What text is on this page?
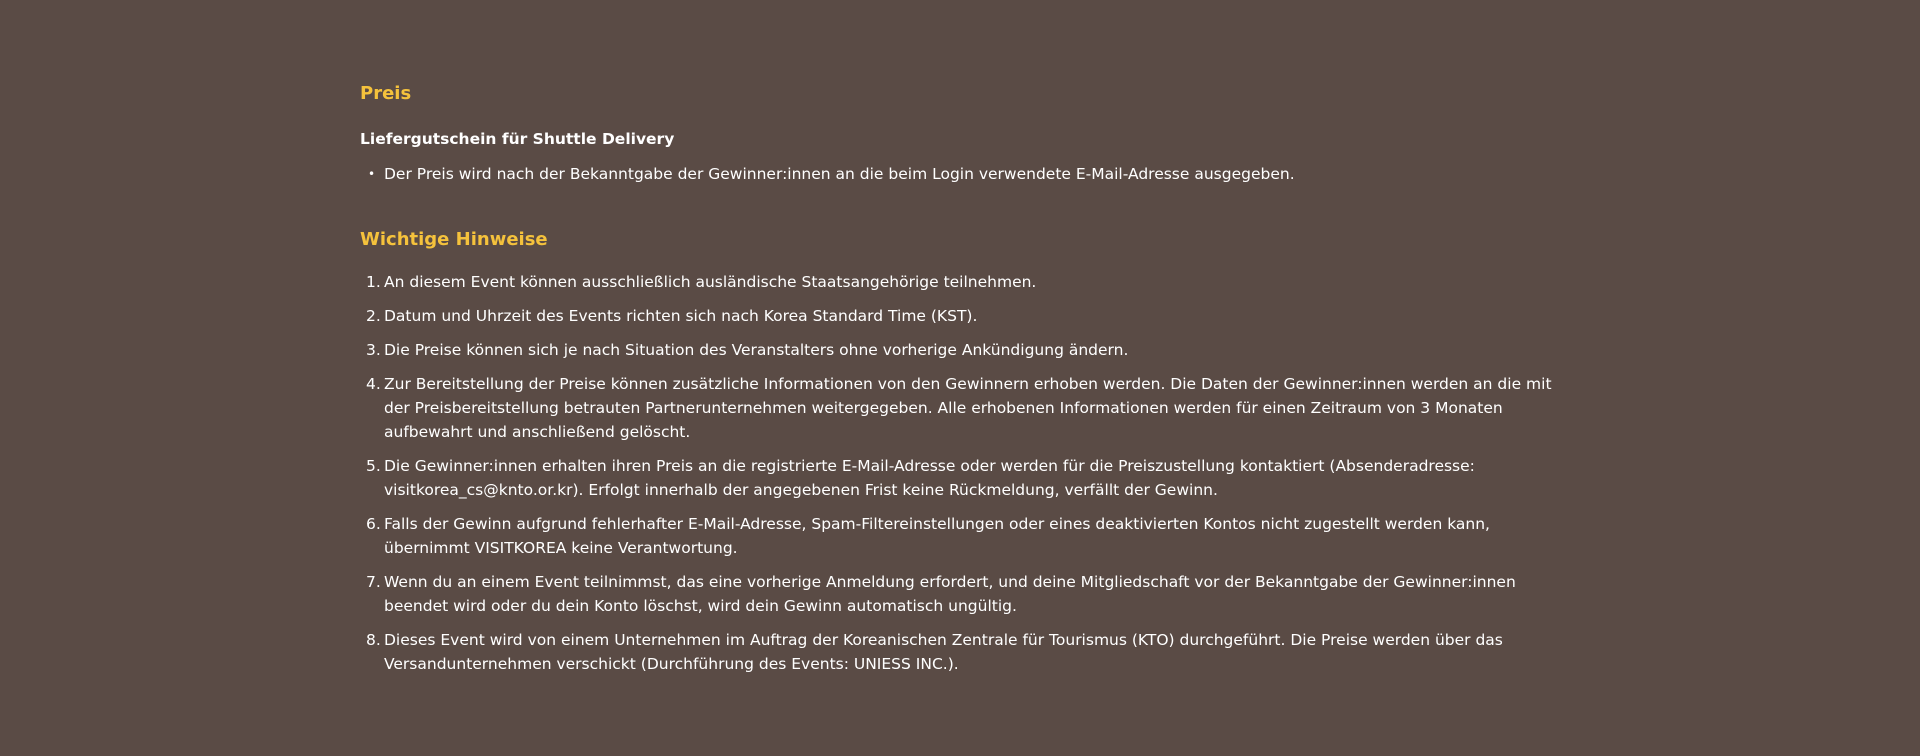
Preis
Liefergutschein für Shuttle Delivery
• Der Preis wird nach der Bekanntgabe der Gewinner:innen an die beim Login verwendete E-Mail-Adresse ausgegeben.
Wichtige Hinweise
1. An diesem Event können ausschließlich ausländische Staatsangehörige teilnehmen.
2. Datum und Uhrzeit des Events richten sich nach Korea Standard Time (KST).
3. Die Preise können sich je nach Situation des Veranstalters ohne vorherige Ankündigung ändern.
4. Zur Bereitstellung der Preise können zusätzliche Informationen von den Gewinnern erhoben werden. Die Daten der Gewinner:innen werden an die mit der Preisbereitstellung betrauten Partnerunternehmen weitergegeben. Alle erhobenen Informationen werden für einen Zeitraum von 3 Monaten aufbewahrt und anschließend gelöscht.
5. Die Gewinner:innen erhalten ihren Preis an die registrierte E-Mail-Adresse oder werden für die Preiszustellung kontaktiert (Absenderadresse: visitkorea_cs@knto.or.kr). Erfolgt innerhalb der angegebenen Frist keine Rückmeldung, verfällt der Gewinn.
6. Falls der Gewinn aufgrund fehlerhafter E-Mail-Adresse, Spam-Filtereinstellungen oder eines deaktivierten Kontos nicht zugestellt werden kann, übernimmt VISITKOREA keine Verantwortung.
7. Wenn du an einem Event teilnimmst, das eine vorherige Anmeldung erfordert, und deine Mitgliedschaft vor der Bekanntgabe der Gewinner:innen beendet wird oder du dein Konto löschst, wird dein Gewinn automatisch ungültig.
8. Dieses Event wird von einem Unternehmen im Auftrag der Koreanischen Zentrale für Tourismus (KTO) durchgeführt. Die Preise werden über das Versandunternehmen verschickt (Durchführung des Events: UNIESS INC.).
